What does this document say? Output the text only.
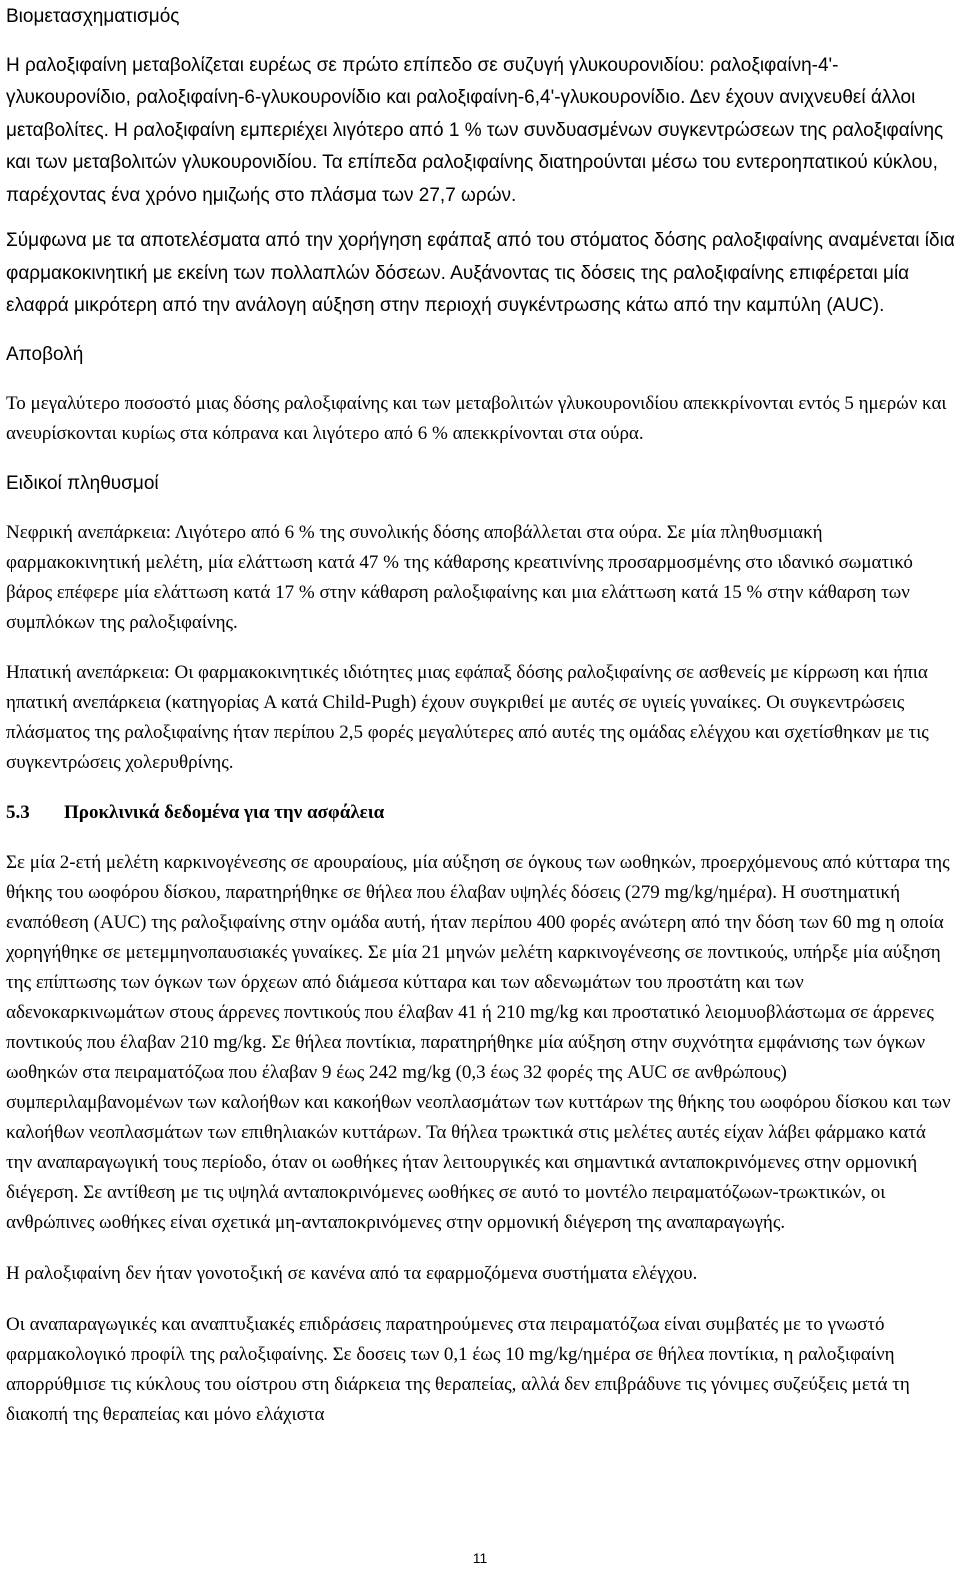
Βιομετασχηματισμός

Η ραλοξιφαίνη μεταβολίζεται ευρέως σε πρώτο επίπεδο σε συζυγή γλυκουρονιδίου: ραλοξιφαίνη-4'-γλυκουρονίδιο, ραλοξιφαίνη-6-γλυκουρονίδιο και ραλοξιφαίνη-6,4'-γλυκουρονίδιο. Δεν έχουν ανιχνευθεί άλλοι μεταβολίτες. Η ραλοξιφαίνη εμπεριέχει λιγότερο από 1 % των συνδυασμένων συγκεντρώσεων της ραλοξιφαίνης και των μεταβολιτών γλυκουρονιδίου. Τα επίπεδα ραλοξιφαίνης διατηρούνται μέσω του εντεροηπατικού κύκλου, παρέχοντας ένα χρόνο ημιζωής στο πλάσμα των 27,7 ωρών.

Σύμφωνα με τα αποτελέσματα από την χορήγηση εφάπαξ από του στόματος δόσης ραλοξιφαίνης αναμένεται ίδια φαρμακοκινητική με εκείνη των πολλαπλών δόσεων. Αυξάνοντας τις δόσεις της ραλοξιφαίνης επιφέρεται μία ελαφρά μικρότερη από την ανάλογη αύξηση στην περιοχή συγκέντρωσης κάτω από την καμπύλη (AUC).

Αποβολή

Το μεγαλύτερο ποσοστό μιας δόσης ραλοξιφαίνης και των μεταβολιτών γλυκουρονιδίου απεκκρίνονται εντός 5 ημερών και ανευρίσκονται κυρίως στα κόπρανα και λιγότερο από 6 % απεκκρίνονται στα ούρα.

Ειδικοί πληθυσμοί

Νεφρική ανεπάρκεια: Λιγότερο από 6 % της συνολικής δόσης αποβάλλεται στα ούρα. Σε μία πληθυσμιακή φαρμακοκινητική μελέτη, μία ελάττωση κατά 47 % της κάθαρσης κρεατινίνης προσαρμοσμένης στο ιδανικό σωματικό βάρος επέφερε μία ελάττωση κατά 17 % στην κάθαρση ραλοξιφαίνης και μια ελάττωση κατά 15 % στην κάθαρση των συμπλόκων της ραλοξιφαίνης.

Ηπατική ανεπάρκεια: Οι φαρμακοκινητικές ιδιότητες μιας εφάπαξ δόσης ραλοξιφαίνης σε ασθενείς με κίρρωση και ήπια ηπατική ανεπάρκεια (κατηγορίας A κατά Child-Pugh) έχουν συγκριθεί με αυτές σε υγιείς γυναίκες. Οι συγκεντρώσεις πλάσματος της ραλοξιφαίνης ήταν περίπου 2,5 φορές μεγαλύτερες από αυτές της ομάδας ελέγχου και σχετίσθηκαν με τις συγκεντρώσεις χολερυθρίνης.

5.3	Προκλινικά δεδομένα για την ασφάλεια

Σε μία 2-ετή μελέτη καρκινογένεσης σε αρουραίους, μία αύξηση σε όγκους των ωοθηκών, προερχόμενους από κύτταρα της θήκης του ωοφόρου δίσκου, παρατηρήθηκε σε θήλεα που έλαβαν υψηλές δόσεις (279 mg/kg/ημέρα). Η συστηματική εναπόθεση (AUC) της ραλοξιφαίνης στην ομάδα αυτή, ήταν περίπου 400 φορές ανώτερη από την δόση των 60 mg η οποία χορηγήθηκε σε μετεμμηνοπαυσιακές γυναίκες. Σε μία 21 μηνών μελέτη καρκινογένεσης σε ποντικούς, υπήρξε μία αύξηση της επίπτωσης των όγκων των όρχεων από διάμεσα κύτταρα και των αδενωμάτων του προστάτη και των αδενοκαρκινωμάτων στους άρρενες ποντικούς που έλαβαν 41 ή 210 mg/kg και προστατικό λειομυοβλάστωμα σε άρρενες ποντικούς που έλαβαν 210 mg/kg. Σε θήλεα ποντίκια, παρατηρήθηκε μία αύξηση στην συχνότητα εμφάνισης των όγκων ωοθηκών στα πειραματόζωα που έλαβαν 9 έως 242 mg/kg (0,3 έως 32 φορές της AUC σε ανθρώπους) συμπεριλαμβανομένων των καλοήθων και κακοήθων νεοπλασμάτων των κυττάρων της θήκης του ωοφόρου δίσκου και των καλοήθων νεοπλασμάτων των επιθηλιακών κυττάρων. Τα θήλεα τρωκτικά στις μελέτες αυτές είχαν λάβει φάρμακο κατά την αναπαραγωγική τους περίοδο, όταν οι ωοθήκες ήταν λειτουργικές και σημαντικά ανταποκρινόμενες στην ορμονική διέγερση. Σε αντίθεση με τις υψηλά ανταποκρινόμενες ωοθήκες σε αυτό το μοντέλο πειραματόζωων-τρωκτικών, οι ανθρώπινες ωοθήκες είναι σχετικά μη-ανταποκρινόμενες στην ορμονική διέγερση της αναπαραγωγής.

Η ραλοξιφαίνη δεν ήταν γονοτοξική σε κανένα από τα εφαρμοζόμενα συστήματα ελέγχου.

Οι αναπαραγωγικές και αναπτυξιακές επιδράσεις παρατηρούμενες στα πειραματόζωα είναι συμβατές με το γνωστό φαρμακολογικό προφίλ της ραλοξιφαίνης. Σε δοσεις των 0,1 έως 10 mg/kg/ημέρα σε θήλεα ποντίκια, η ραλοξιφαίνη απορρύθμισε τις κύκλους του οίστρου στη διάρκεια της θεραπείας, αλλά δεν επιβράδυνε τις γόνιμες συζεύξεις μετά τη διακοπή της θεραπείας και μόνο ελάχιστα

11
